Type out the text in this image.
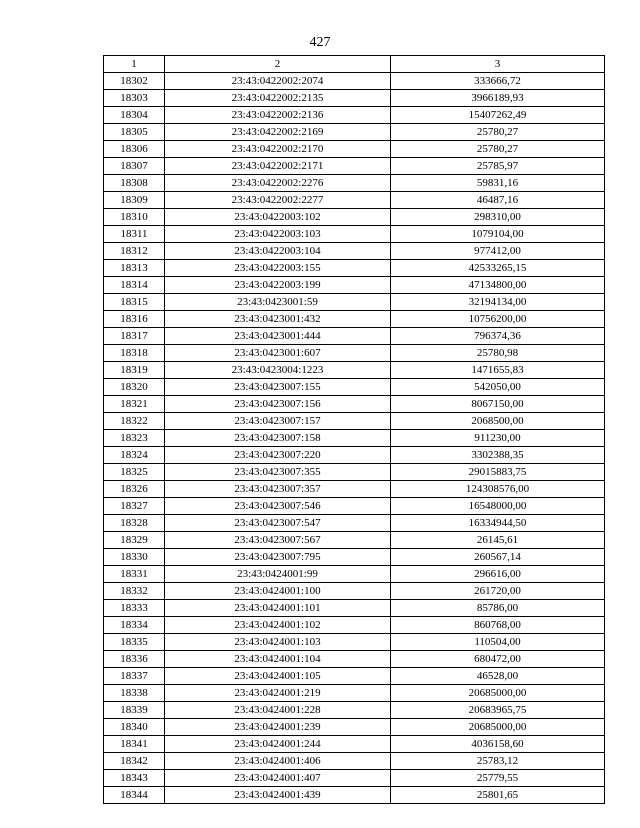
427
1	2	3
18302	23:43:0422002:2074	333666,72
18303	23:43:0422002:2135	3966189,93
18304	23:43:0422002:2136	15407262,49
18305	23:43:0422002:2169	25780,27
18306	23:43:0422002:2170	25780,27
18307	23:43:0422002:2171	25785,97
18308	23:43:0422002:2276	59831,16
18309	23:43:0422002:2277	46487,16
18310	23:43:0422003:102	298310,00
18311	23:43:0422003:103	1079104,00
18312	23:43:0422003:104	977412,00
18313	23:43:0422003:155	42533265,15
18314	23:43:0422003:199	47134800,00
18315	23:43:0423001:59	32194134,00
18316	23:43:0423001:432	10756200,00
18317	23:43:0423001:444	796374,36
18318	23:43:0423001:607	25780,98
18319	23:43:0423004:1223	1471655,83
18320	23:43:0423007:155	542050,00
18321	23:43:0423007:156	8067150,00
18322	23:43:0423007:157	2068500,00
18323	23:43:0423007:158	911230,00
18324	23:43:0423007:220	3302388,35
18325	23:43:0423007:355	29015883,75
18326	23:43:0423007:357	124308576,00
18327	23:43:0423007:546	16548000,00
18328	23:43:0423007:547	16334944,50
18329	23:43:0423007:567	26145,61
18330	23:43:0423007:795	260567,14
18331	23:43:0424001:99	296616,00
18332	23:43:0424001:100	261720,00
18333	23:43:0424001:101	85786,00
18334	23:43:0424001:102	860768,00
18335	23:43:0424001:103	110504,00
18336	23:43:0424001:104	680472,00
18337	23:43:0424001:105	46528,00
18338	23:43:0424001:219	20685000,00
18339	23:43:0424001:228	20683965,75
18340	23:43:0424001:239	20685000,00
18341	23:43:0424001:244	4036158,60
18342	23:43:0424001:406	25783,12
18343	23:43:0424001:407	25779,55
18344	23:43:0424001:439	25801,65
